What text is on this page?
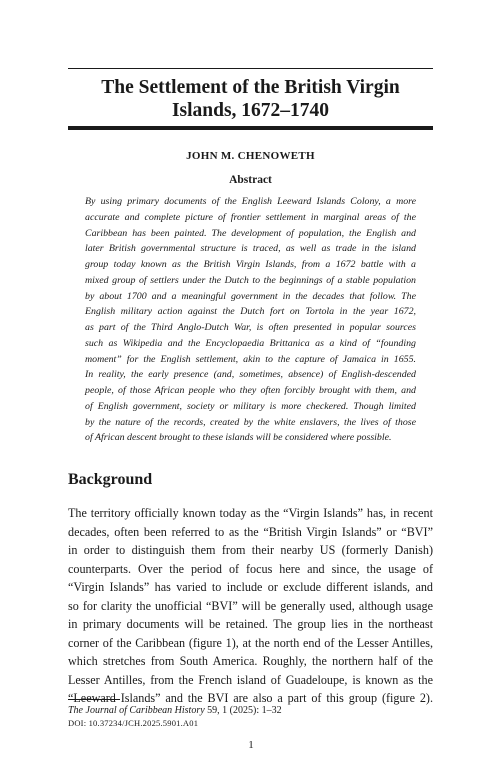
The Settlement of the British Virgin
Islands, 1672–1740

JOHN M. CHENOWETH

Abstract

By using primary documents of the English Leeward Islands Colony, a more
accurate and complete picture of frontier settlement in marginal areas of the
Caribbean has been painted. The development of population, the English and
later British governmental structure is traced, as well as trade in the island
group today known as the British Virgin Islands, from a 1672 battle with a
mixed group of settlers under the Dutch to the beginnings of a stable population
by about 1700 and a meaningful government in the decades that follow. The
English military action against the Dutch fort on Tortola in the year 1672,
as part of the Third Anglo-Dutch War, is often presented in popular sources
such as Wikipedia and the Encyclopaedia Brittanica as a kind of “founding
moment” for the English settlement, akin to the capture of Jamaica in 1655.
In reality, the early presence (and, sometimes, absence) of English-descended
people, of those African people who they often forcibly brought with them, and
of English government, society or military is more checkered. Though limited
by the nature of the records, created by the white enslavers, the lives of those
of African descent brought to these islands will be considered where possible.
Background
The territory officially known today as the “Virgin Islands” has, in recent
decades, often been referred to as the “British Virgin Islands” or “BVI”
in order to distinguish them from their nearby US (formerly Danish)
counterparts. Over the period of focus here and since, the usage of
“Virgin Islands” has varied to include or exclude different islands, and
so for clarity the unofficial “BVI” will be generally used, although usage
in primary documents will be retained. The group lies in the northeast
corner of the Caribbean (figure 1), at the north end of the Lesser Antilles,
which stretches from South America. Roughly, the northern half of the
Lesser Antilles, from the French island of Guadeloupe, is known as the
“Leeward Islands” and the BVI are also a part of this group (figure 2).

The Journal of Caribbean History 59, 1 (2025): 1–32

DOI: 10.37234/JCH.2025.5901.A01

1
